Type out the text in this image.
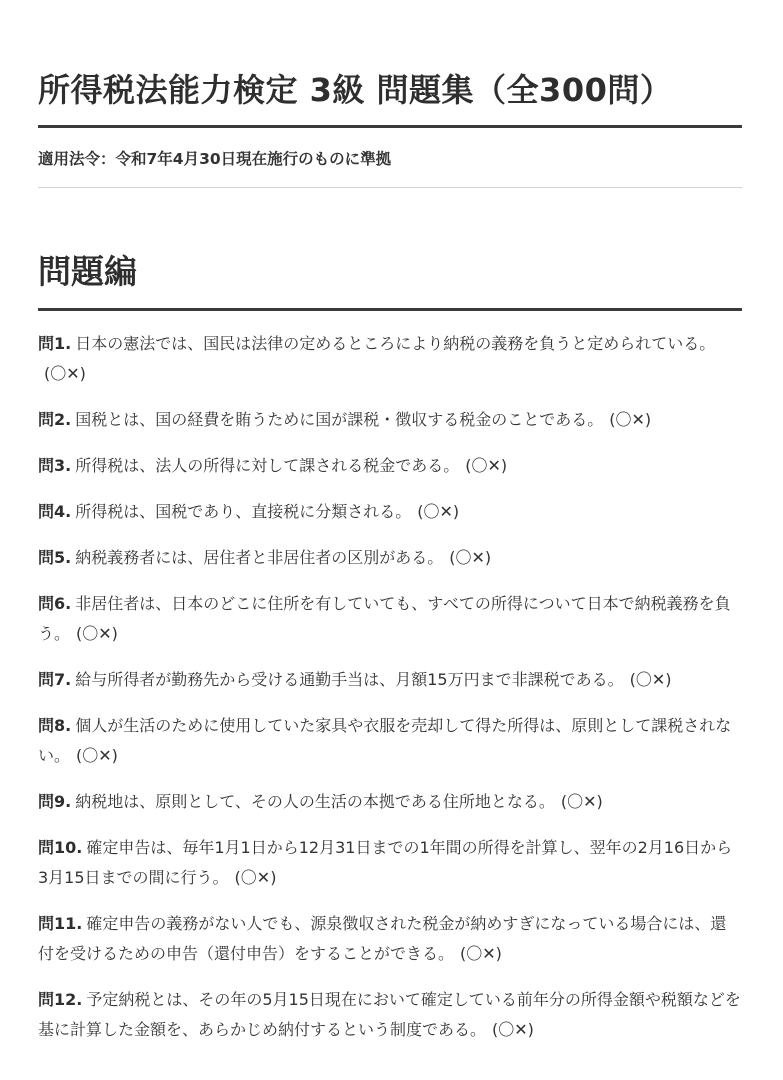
所得税法能力検定 3級 問題集（全300問）

適用法令：令和7年4月30日現在施行のものに準拠

問題編
問1. 日本の憲法では、国民は法律の定めるところにより納税の義務を負うと定められている。(〇✕)
問2. 国税とは、国の経費を賄うために国が課税・徴収する税金のことである。 (〇✕)
問3. 所得税は、法人の所得に対して課される税金である。 (〇✕)
問4. 所得税は、国税であり、直接税に分類される。 (〇✕)
問5. 納税義務者には、居住者と非居住者の区別がある。 (〇✕)
問6. 非居住者は、日本のどこに住所を有していても、すべての所得について日本で納税義務を負う。 (〇✕)
問7. 給与所得者が勤務先から受ける通勤手当は、月額15万円まで非課税である。 (〇✕)
問8. 個人が生活のために使用していた家具や衣服を売却して得た所得は、原則として課税されない。 (〇✕)
問9. 納税地は、原則として、その人の生活の本拠である住所地となる。 (〇✕)
問10. 確定申告は、毎年1月1日から12月31日までの1年間の所得を計算し、翌年の2月16日から3月15日までの間に行う。 (〇✕)
問11. 確定申告の義務がない人でも、源泉徴収された税金が納めすぎになっている場合には、還付を受けるための申告（還付申告）をすることができる。 (〇✕)
問12. 予定納税とは、その年の5月15日現在において確定している前年分の所得金額や税額などを基に計算した金額を、あらかじめ納付するという制度である。 (〇✕)
